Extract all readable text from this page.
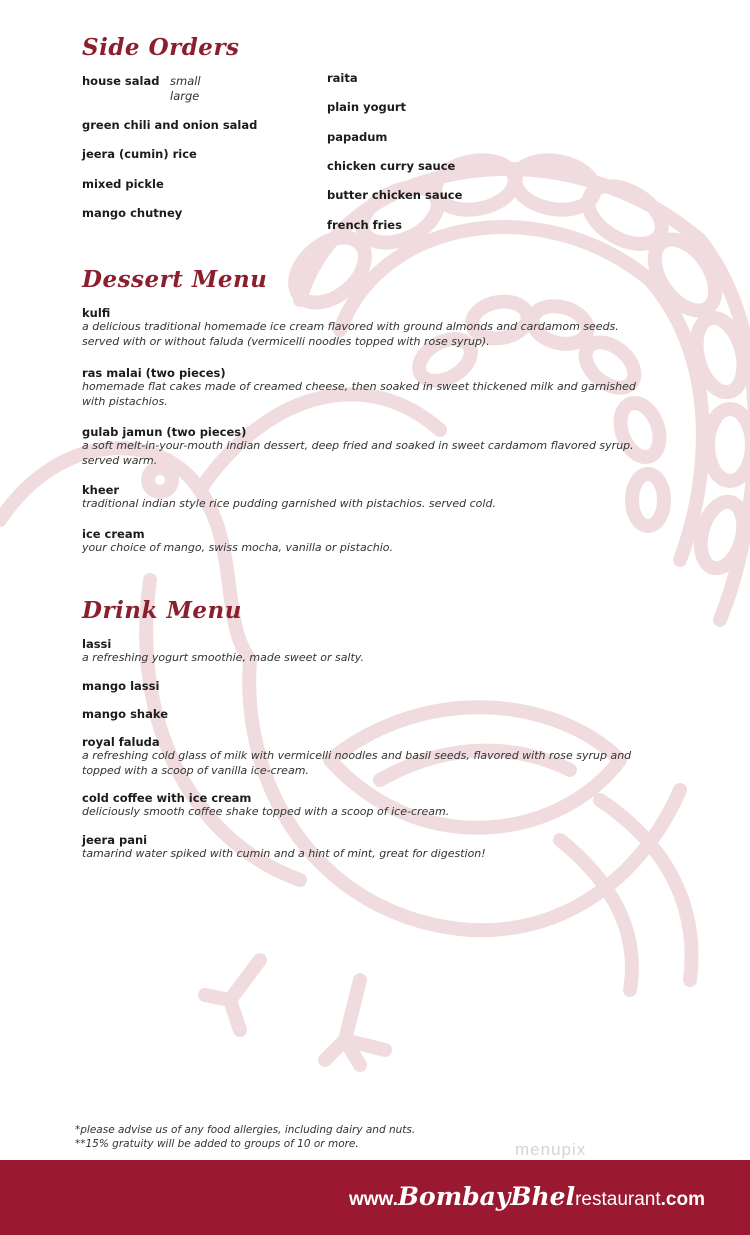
Side Orders
house salad small
large
green chili and onion salad
jeera (cumin) rice
mixed pickle
mango chutney
raita
plain yogurt
papadum
chicken curry sauce
butter chicken sauce
french fries
Dessert Menu
kulfi
a delicious traditional homemade ice cream flavored with ground almonds and cardamom seeds. served with or without faluda (vermicelli noodles topped with rose syrup).
ras malai (two pieces)
homemade flat cakes made of creamed cheese, then soaked in sweet thickened milk and garnished with pistachios.
gulab jamun (two pieces)
a soft melt-in-your-mouth indian dessert, deep fried and soaked in sweet cardamom flavored syrup. served warm.
kheer
traditional indian style rice pudding garnished with pistachios. served cold.
ice cream
your choice of mango, swiss mocha, vanilla or pistachio.
Drink Menu
lassi
a refreshing yogurt smoothie, made sweet or salty.
mango lassi
mango shake
royal faluda
a refreshing cold glass of milk with vermicelli noodles and basil seeds, flavored with rose syrup and topped with a scoop of vanilla ice-cream.
cold coffee with ice cream
deliciously smooth coffee shake topped with a scoop of ice-cream.
jeera pani
tamarind water spiked with cumin and a hint of mint, great for digestion!
*please advise us of any food allergies, including dairy and nuts.
**15% gratuity will be added to groups of 10 or more.	menupix
www.BombayBhelrestaurant.com
